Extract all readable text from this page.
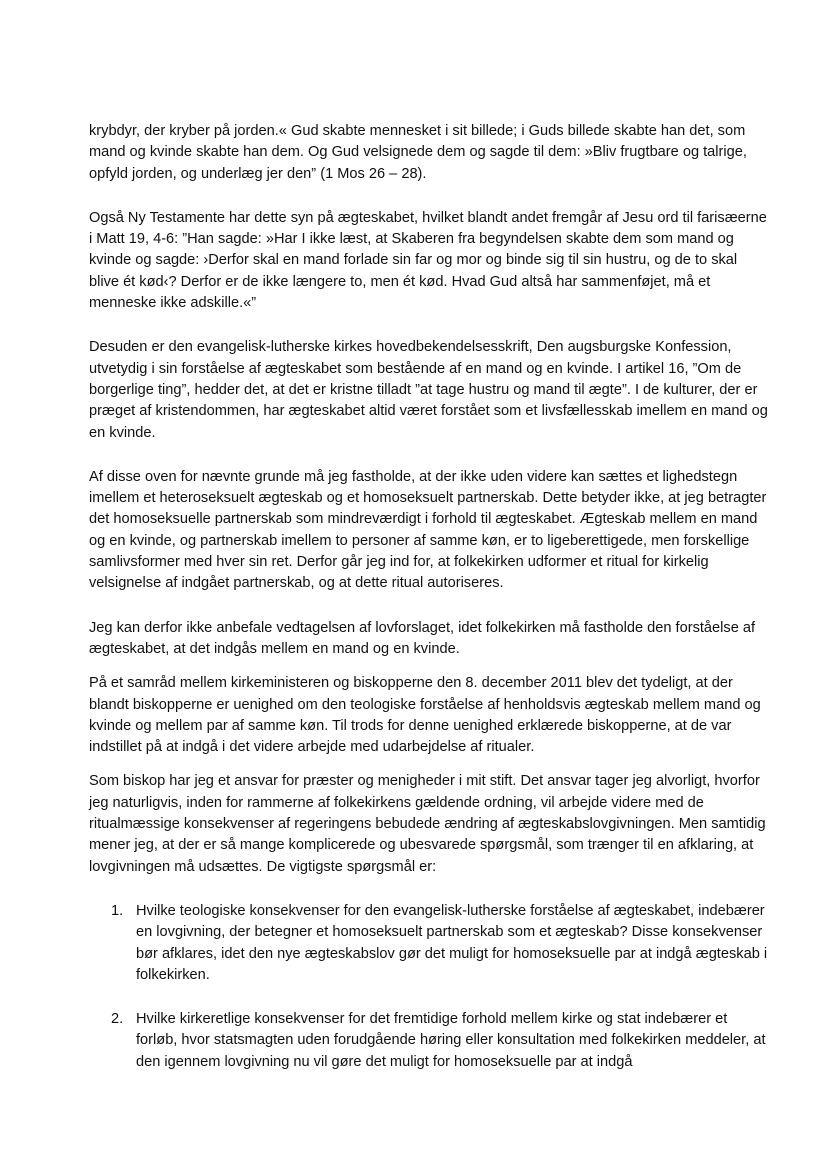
krybdyr, der kryber på jorden.« Gud skabte mennesket i sit billede; i Guds billede skabte han det, som mand og kvinde skabte han dem. Og Gud velsignede dem og sagde til dem: »Bliv frugtbare og talrige, opfyld jorden, og underlæg jer den” (1 Mos 26 – 28).

Også Ny Testamente har dette syn på ægteskabet, hvilket blandt andet fremgår af Jesu ord til farisæerne i Matt 19, 4-6: ”Han sagde: »Har I ikke læst, at Skaberen fra begyndelsen skabte dem som mand og kvinde og sagde: ›Derfor skal en mand forlade sin far og mor og binde sig til sin hustru, og de to skal blive ét kød‹? Derfor er de ikke længere to, men ét kød. Hvad Gud altså har sammenføjet, må et menneske ikke adskille.«”

Desuden er den evangelisk-lutherske kirkes hovedbekendelsesskrift, Den augsburgske Konfession, utvetydig i sin forståelse af ægteskabet som bestående af en mand og en kvinde. I artikel 16, ”Om de borgerlige ting”, hedder det, at det er kristne tilladt ”at tage hustru og mand til ægte”. I de kulturer, der er præget af kristendommen, har ægteskabet altid været forstået som et livsfællesskab imellem en mand og en kvinde.

Af disse oven for nævnte grunde må jeg fastholde, at der ikke uden videre kan sættes et lighedstegn imellem et heteroseksuelt ægteskab og et homoseksuelt partnerskab. Dette betyder ikke, at jeg betragter det homoseksuelle partnerskab som mindreværdigt i forhold til ægteskabet. Ægteskab mellem en mand og en kvinde, og partnerskab imellem to personer af samme køn, er to ligeberettigede, men forskellige samlivsformer med hver sin ret. Derfor går jeg ind for, at folkekirken udformer et ritual for kirkelig velsignelse af indgået partnerskab, og at dette ritual autoriseres.

Jeg kan derfor ikke anbefale vedtagelsen af lovforslaget, idet folkekirken må fastholde den forståelse af ægteskabet, at det indgås mellem en mand og en kvinde.

På et samråd mellem kirkeministeren og biskopperne den 8. december 2011 blev det tydeligt, at der blandt biskopperne er uenighed om den teologiske forståelse af henholdsvis ægteskab mellem mand og kvinde og mellem par af samme køn. Til trods for denne uenighed erklærede biskopperne, at de var indstillet på at indgå i det videre arbejde med udarbejdelse af ritualer.

Som biskop har jeg et ansvar for præster og menigheder i mit stift. Det ansvar tager jeg alvorligt, hvorfor jeg naturligvis, inden for rammerne af folkekirkens gældende ordning, vil arbejde videre med de ritualmæssige konsekvenser af regeringens bebudede ændring af ægteskabslovgivningen. Men samtidig mener jeg, at der er så mange komplicerede og ubesvarede spørgsmål, som trænger til en afklaring, at lovgivningen må udsættes. De vigtigste spørgsmål er:

1. Hvilke teologiske konsekvenser for den evangelisk-lutherske forståelse af ægteskabet, indebærer en lovgivning, der betegner et homoseksuelt partnerskab som et ægteskab? Disse konsekvenser bør afklares, idet den nye ægteskabslov gør det muligt for homoseksuelle par at indgå ægteskab i folkekirken.
2. Hvilke kirkeretlige konsekvenser for det fremtidige forhold mellem kirke og stat indebærer et forløb, hvor statsmagten uden forudgående høring eller konsultation med folkekirken meddeler, at den igennem lovgivning nu vil gøre det muligt for homoseksuelle par at indgå
